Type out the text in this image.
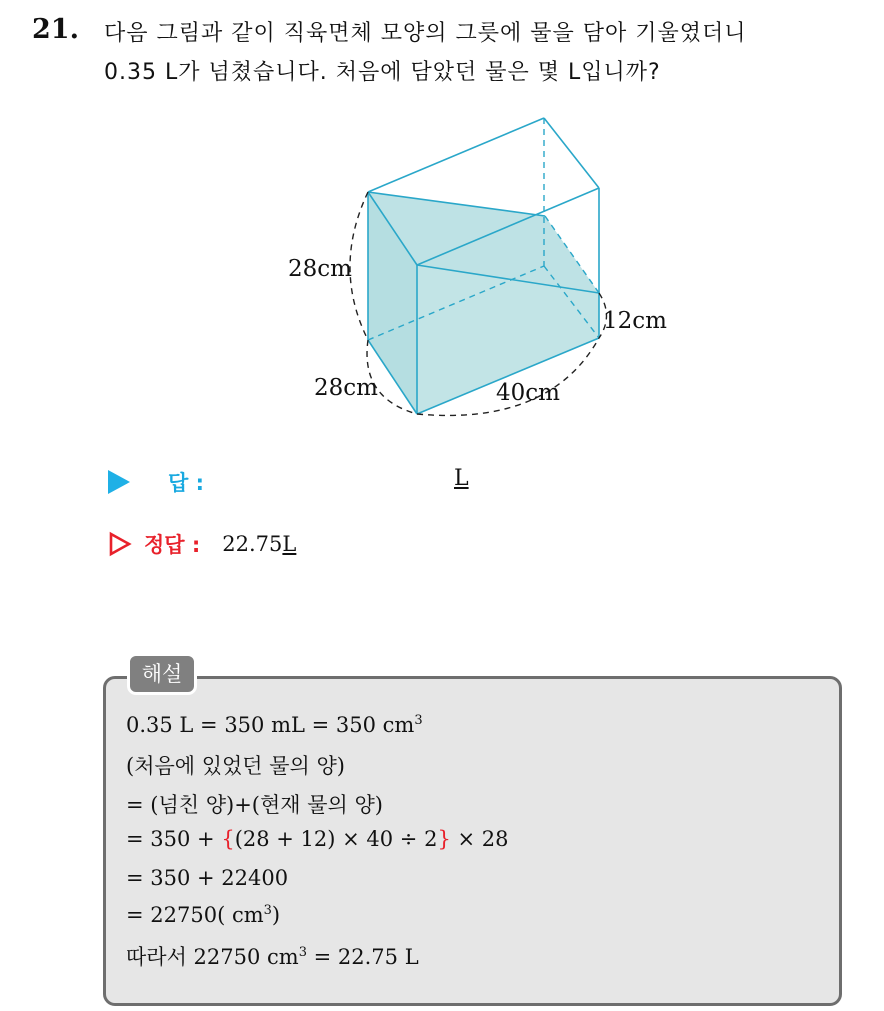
21. 다음 그림과 같이 직육면체 모양의 그릇에 물을 담아 기울였더니
0.35 L가 넘쳤습니다. 처음에 담았던 물은 몇 L입니까?
28cm
28cm	40cm
12cm
답 :	L
정답 : 22.75L
해설
0.35 L = 350 mL = 350 $cm^3$
(처음에 있었던 물의 양)
= (넘친 양)+(현재 물의 양)
= 350 + {(28 + 12) × 40 ÷ 2} × 28
= 350 + 22400
= 22750( $cm^3$)
따라서 22750 $cm^3 = 22.75$ L
